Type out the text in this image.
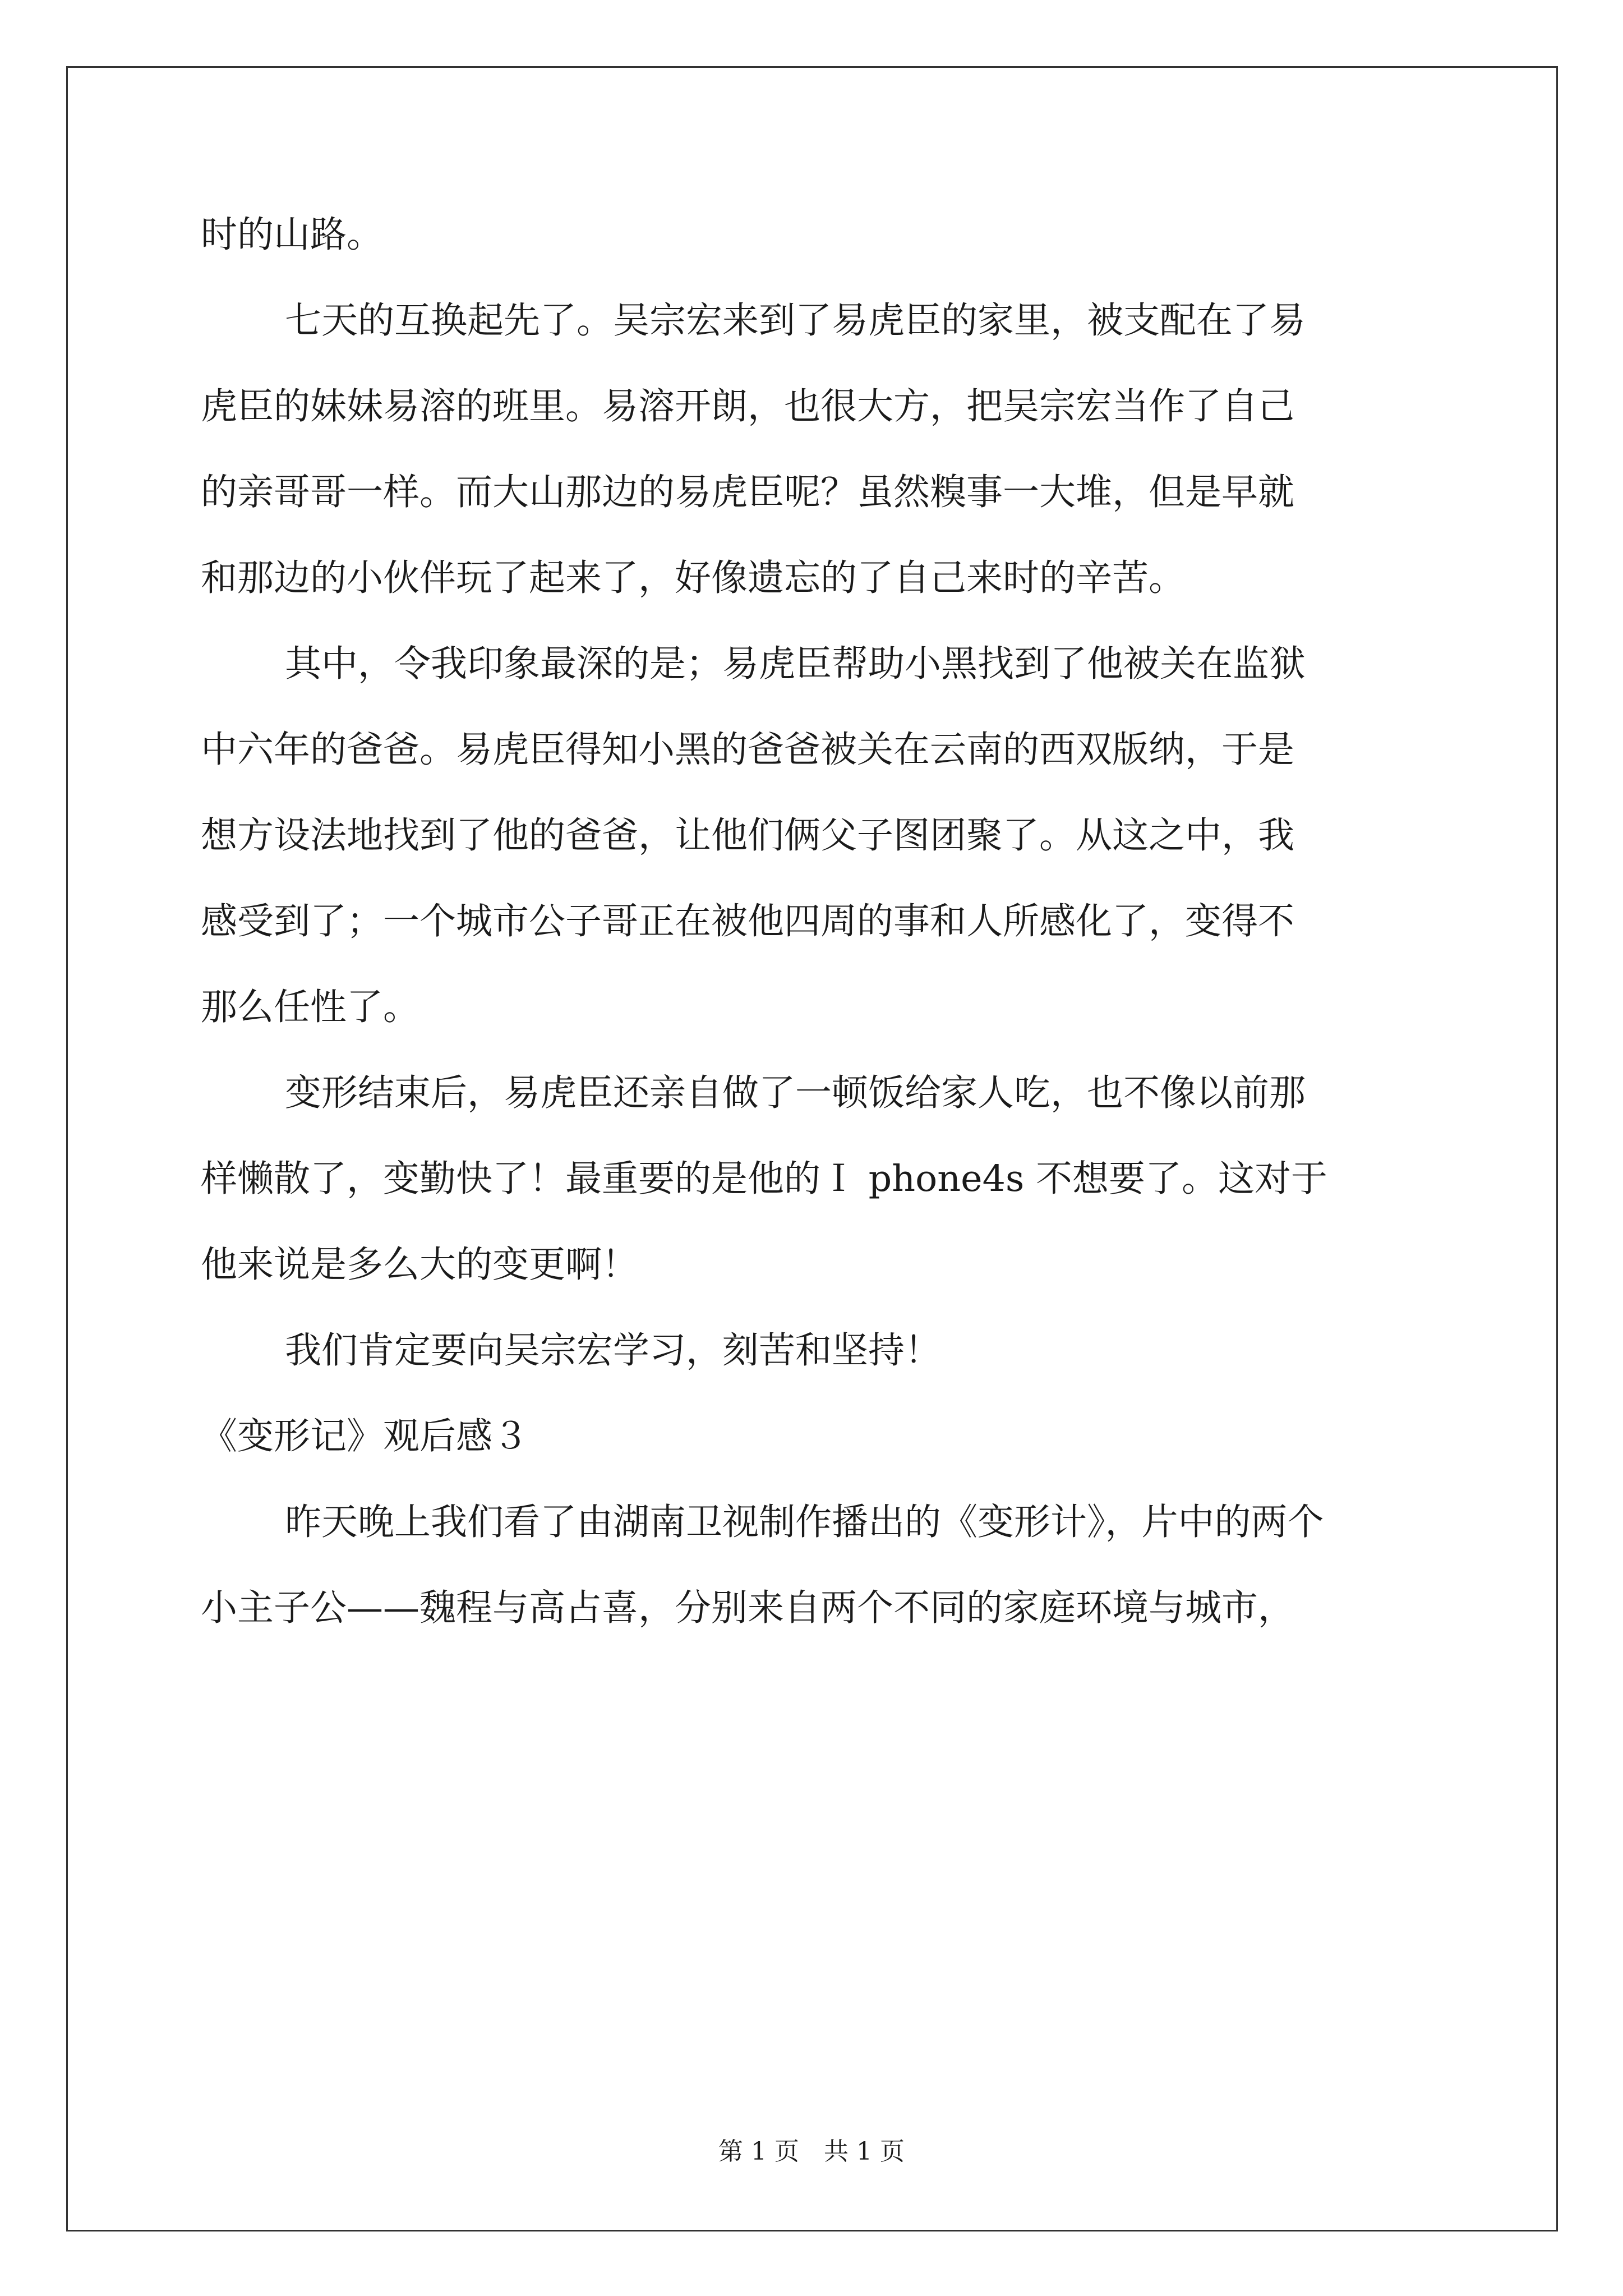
时的山路。
七天的互换起先了。吴宗宏来到了易虎臣的家里，被支配在了易
虎臣的妹妹易溶的班里。易溶开朗，也很大方，把吴宗宏当作了自己
的亲哥哥一样。而大山那边的易虎臣呢？虽然糗事一大堆，但是早就
和那边的小伙伴玩了起来了，好像遗忘的了自己来时的辛苦。
其中，令我印象最深的是；易虎臣帮助小黑找到了他被关在监狱
中六年的爸爸。易虎臣得知小黑的爸爸被关在云南的西双版纳，于是
想方设法地找到了他的爸爸，让他们俩父子图团聚了。从这之中，我
感受到了；一个城市公子哥正在被他四周的事和人所感化了，变得不
那么任性了。
变形结束后，易虎臣还亲自做了一顿饭给家人吃，也不像以前那
样懒散了，变勤快了！最重要的是他的Ｉ phone4s 不想要了。这对于
他来说是多么大的变更啊！
我们肯定要向吴宗宏学习，刻苦和坚持！
《变形记》观后感３
昨天晚上我们看了由湖南卫视制作播出的《变形计》，片中的两个
小主子公——魏程与高占喜，分别来自两个不同的家庭环境与城市，
第 1 页　共 1 页
